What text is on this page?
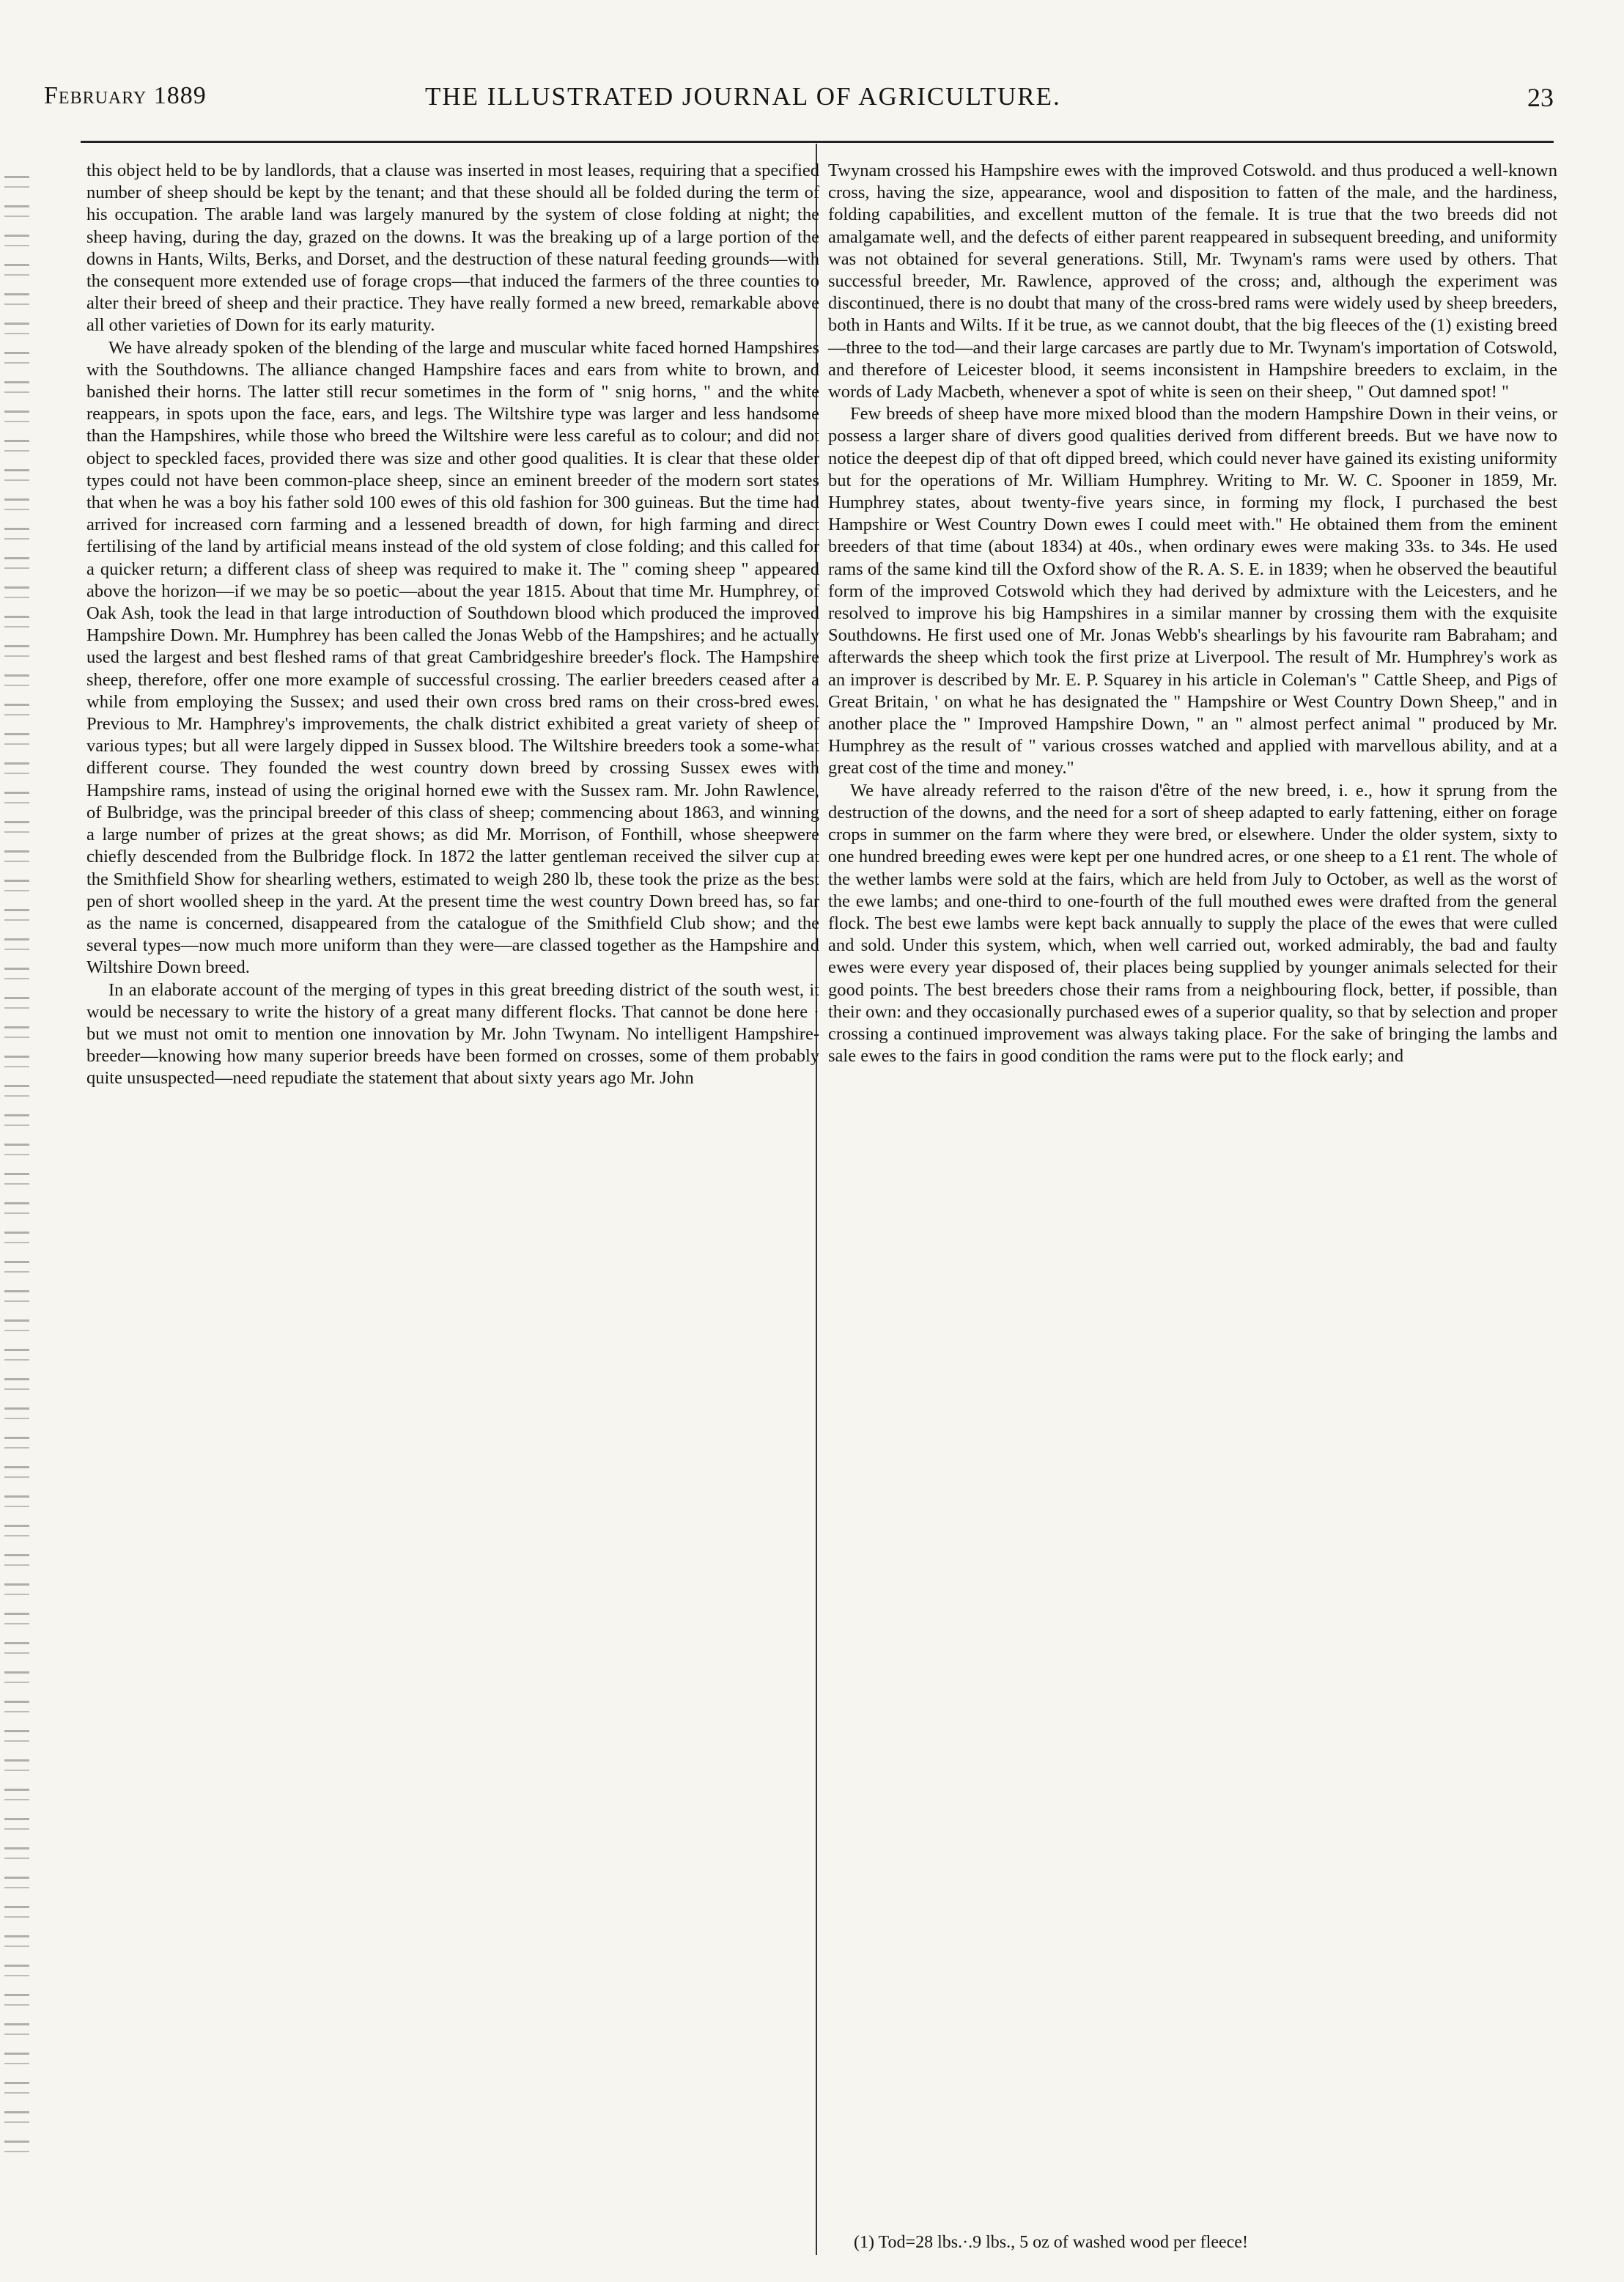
February 1889	THE ILLUSTRATED JOURNAL OF AGRICULTURE.	23

this object held to be by landlords, that a clause was inserted in most leases, requiring that a specified number of sheep should be kept by the tenant; and that these should all be folded during the term of his occupation. The arable land was largely manured by the system of close folding at night; the sheep having, during the day, grazed on the downs. It was the breaking up of a large portion of the downs in Hants, Wilts, Berks, and Dorset, and the destruction of these natural feeding grounds—with the consequent more extended use of forage crops—that induced the farmers of the three counties to alter their breed of sheep and their practice. They have really formed a new breed, remarkable above all other varieties of Down for its early maturity.

We have already spoken of the blending of the large and muscular white faced horned Hampshires with the Southdowns. The alliance changed Hampshire faces and ears from white to brown, and banished their horns. The latter still recur sometimes in the form of " snig horns, " and the white reappears, in spots upon the face, ears, and legs. The Wiltshire type was larger and less handsome than the Hampshires, while those who breed the Wiltshire were less careful as to colour; and did not object to speckled faces, provided there was size and other good qualities. It is clear that these older types could not have been common-place sheep, since an eminent breeder of the modern sort states that when he was a boy his father sold 100 ewes of this old fashion for 300 guineas. But the time had arrived for increased corn farming and a lessened breadth of down, for high farming and direct fertilising of the land by artificial means instead of the old system of close folding; and this called for a quicker return; a different class of sheep was required to make it. The " coming sheep " appeared above the horizon—if we may be so poetic—about the year 1815. About that time Mr. Humphrey, of Oak Ash, took the lead in that large introduction of Southdown blood which produced the improved Hampshire Down. Mr. Humphrey has been called the Jonas Webb of the Hampshires; and he actually used the largest and best fleshed rams of that great Cambridgeshire breeder's flock. The Hampshire sheep, therefore, offer one more example of successful crossing. The earlier breeders ceased after a while from employing the Sussex; and used their own cross bred rams on their cross-bred ewes. Previous to Mr. Hamphrey's improvements, the chalk district exhibited a great variety of sheep of various types; but all were largely dipped in Sussex blood. The Wiltshire breeders took a some-what different course. They founded the west country down breed by crossing Sussex ewes with Hampshire rams, instead of using the original horned ewe with the Sussex ram. Mr. John Rawlence, of Bulbridge, was the principal breeder of this class of sheep; commencing about 1863, and winning a large number of prizes at the great shows; as did Mr. Morrison, of Fonthill, whose sheepwere chiefly descended from the Bulbridge flock. In 1872 the latter gentleman received the silver cup at the Smithfield Show for shearling wethers, estimated to weigh 280 lb, these took the prize as the best pen of short woolled sheep in the yard. At the present time the west country Down breed has, so far as the name is concerned, disappeared from the catalogue of the Smithfield Club show; and the several types—now much more uniform than they were—are classed together as the Hampshire and Wiltshire Down breed.

In an elaborate account of the merging of types in this great breeding district of the south west, it would be necessary to write the history of a great many different flocks. That cannot be done here · but we must not omit to mention one innovation by Mr. John Twynam. No intelligent Hampshire-breeder—knowing how many superior breeds have been formed on crosses, some of them probably quite unsuspected—need repudiate the statement that about sixty years ago Mr. John

Twynam crossed his Hampshire ewes with the improved Cotswold. and thus produced a well-known cross, having the size, appearance, wool and disposition to fatten of the male, and the hardiness, folding capabilities, and excellent mutton of the female. It is true that the two breeds did not amalgamate well, and the defects of either parent reappeared in subsequent breeding, and uniformity was not obtained for several generations. Still, Mr. Twynam's rams were used by others. That successful breeder, Mr. Rawlence, approved of the cross; and, although the experiment was discontinued, there is no doubt that many of the cross-bred rams were widely used by sheep breeders, both in Hants and Wilts. If it be true, as we cannot doubt, that the big fleeces of the (1) existing breed—three to the tod—and their large carcases are partly due to Mr. Twynam's importation of Cotswold, and therefore of Leicester blood, it seems inconsistent in Hampshire breeders to exclaim, in the words of Lady Macbeth, whenever a spot of white is seen on their sheep, " Out damned spot! "

Few breeds of sheep have more mixed blood than the modern Hampshire Down in their veins, or possess a larger share of divers good qualities derived from different breeds. But we have now to notice the deepest dip of that oft dipped breed, which could never have gained its existing uniformity but for the operations of Mr. William Humphrey. Writing to Mr. W. C. Spooner in 1859, Mr. Humphrey states, about twenty-five years since, in forming my flock, I purchased the best Hampshire or West Country Down ewes I could meet with." He obtained them from the eminent breeders of that time (about 1834) at 40s., when ordinary ewes were making 33s. to 34s. He used rams of the same kind till the Oxford show of the R. A. S. E. in 1839; when he observed the beautiful form of the improved Cotswold which they had derived by admixture with the Leicesters, and he resolved to improve his big Hampshires in a similar manner by crossing them with the exquisite Southdowns. He first used one of Mr. Jonas Webb's shearlings by his favourite ram Babraham; and afterwards the sheep which took the first prize at Liverpool. The result of Mr. Humphrey's work as an improver is described by Mr. E. P. Squarey in his article in Coleman's " Cattle Sheep, and Pigs of Great Britain, ' on what he has designated the " Hampshire or West Country Down Sheep," and in another place the " Improved Hampshire Down, " an " almost perfect animal " produced by Mr. Humphrey as the result of " various crosses watched and applied with marvellous ability, and at a great cost of the time and money."

We have already referred to the raison d'être of the new breed, i. e., how it sprung from the destruction of the downs, and the need for a sort of sheep adapted to early fattening, either on forage crops in summer on the farm where they were bred, or elsewhere. Under the older system, sixty to one hundred breeding ewes were kept per one hundred acres, or one sheep to a £1 rent. The whole of the wether lambs were sold at the fairs, which are held from July to October, as well as the worst of the ewe lambs; and one-third to one-fourth of the full mouthed ewes were drafted from the general flock. The best ewe lambs were kept back annually to supply the place of the ewes that were culled and sold. Under this system, which, when well carried out, worked admirably, the bad and faulty ewes were every year disposed of, their places being supplied by younger animals selected for their good points. The best breeders chose their rams from a neighbouring flock, better, if possible, than their own: and they occasionally purchased ewes of a superior quality, so that by selection and proper crossing a continued improvement was always taking place. For the sake of bringing the lambs and sale ewes to the fairs in good condition the rams were put to the flock early; and

(1) Tod=28 lbs.·.9 lbs., 5 oz of washed wood per fleece!
